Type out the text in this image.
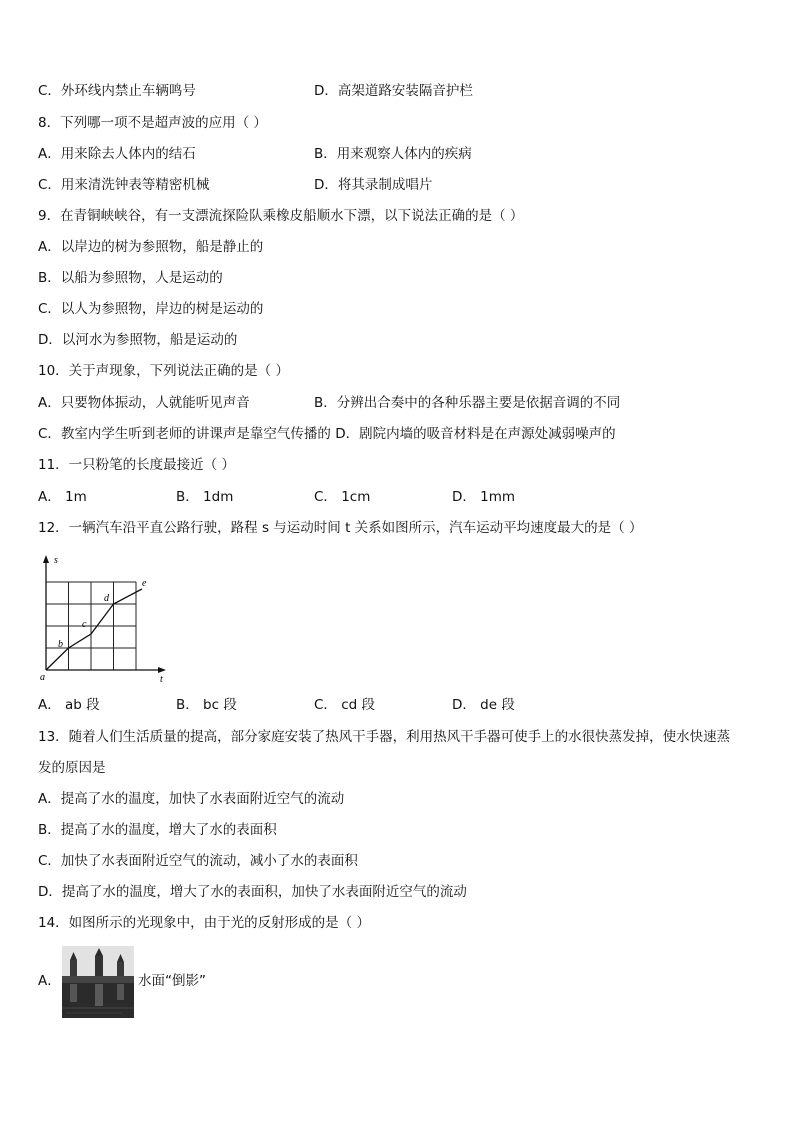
C．外环线内禁止车辆鸣号	D．高架道路安装隔音护栏
8．下列哪一项不是超声波的应用（ ）
A．用来除去人体内的结石	B．用来观察人体内的疾病
C．用来清洗钟表等精密机械	D．将其录制成唱片
9．在青铜峡峡谷，有一支漂流探险队乘橡皮船顺水下漂，以下说法正确的是（ ）
A．以岸边的树为参照物，船是静止的
B．以船为参照物，人是运动的
C．以人为参照物，岸边的树是运动的
D．以河水为参照物，船是运动的
10．关于声现象，下列说法正确的是（ ）
A．只要物体振动，人就能听见声音	B．分辨出合奏中的各种乐器主要是依据音调的不同
C．教室内学生听到老师的讲课声是靠空气传播的 D．剧院内墙的吸音材料是在声源处减弱噪声的
11．一只粉笔的长度最接近（ ）
A． 1m	B． 1dm	C． 1cm	D． 1mm
12．一辆汽车沿平直公路行驶，路程 s 与运动时间 t 关系如图所示，汽车运动平均速度最大的是（ ）
s
t
a
b
c
d
e
A． ab 段	B． bc 段	C． cd 段	D． de 段
13．随着人们生活质量的提高，部分家庭安装了热风干手器，利用热风干手器可使手上的水很快蒸发掉，使水快速蒸
发的原因是
A．提高了水的温度，加快了水表面附近空气的流动
B．提高了水的温度，增大了水的表面积
C．加快了水表面附近空气的流动，减小了水的表面积
D．提高了水的温度，增大了水的表面积，加快了水表面附近空气的流动
14．如图所示的光现象中，由于光的反射形成的是（ ）
A．	水面“倒影”
